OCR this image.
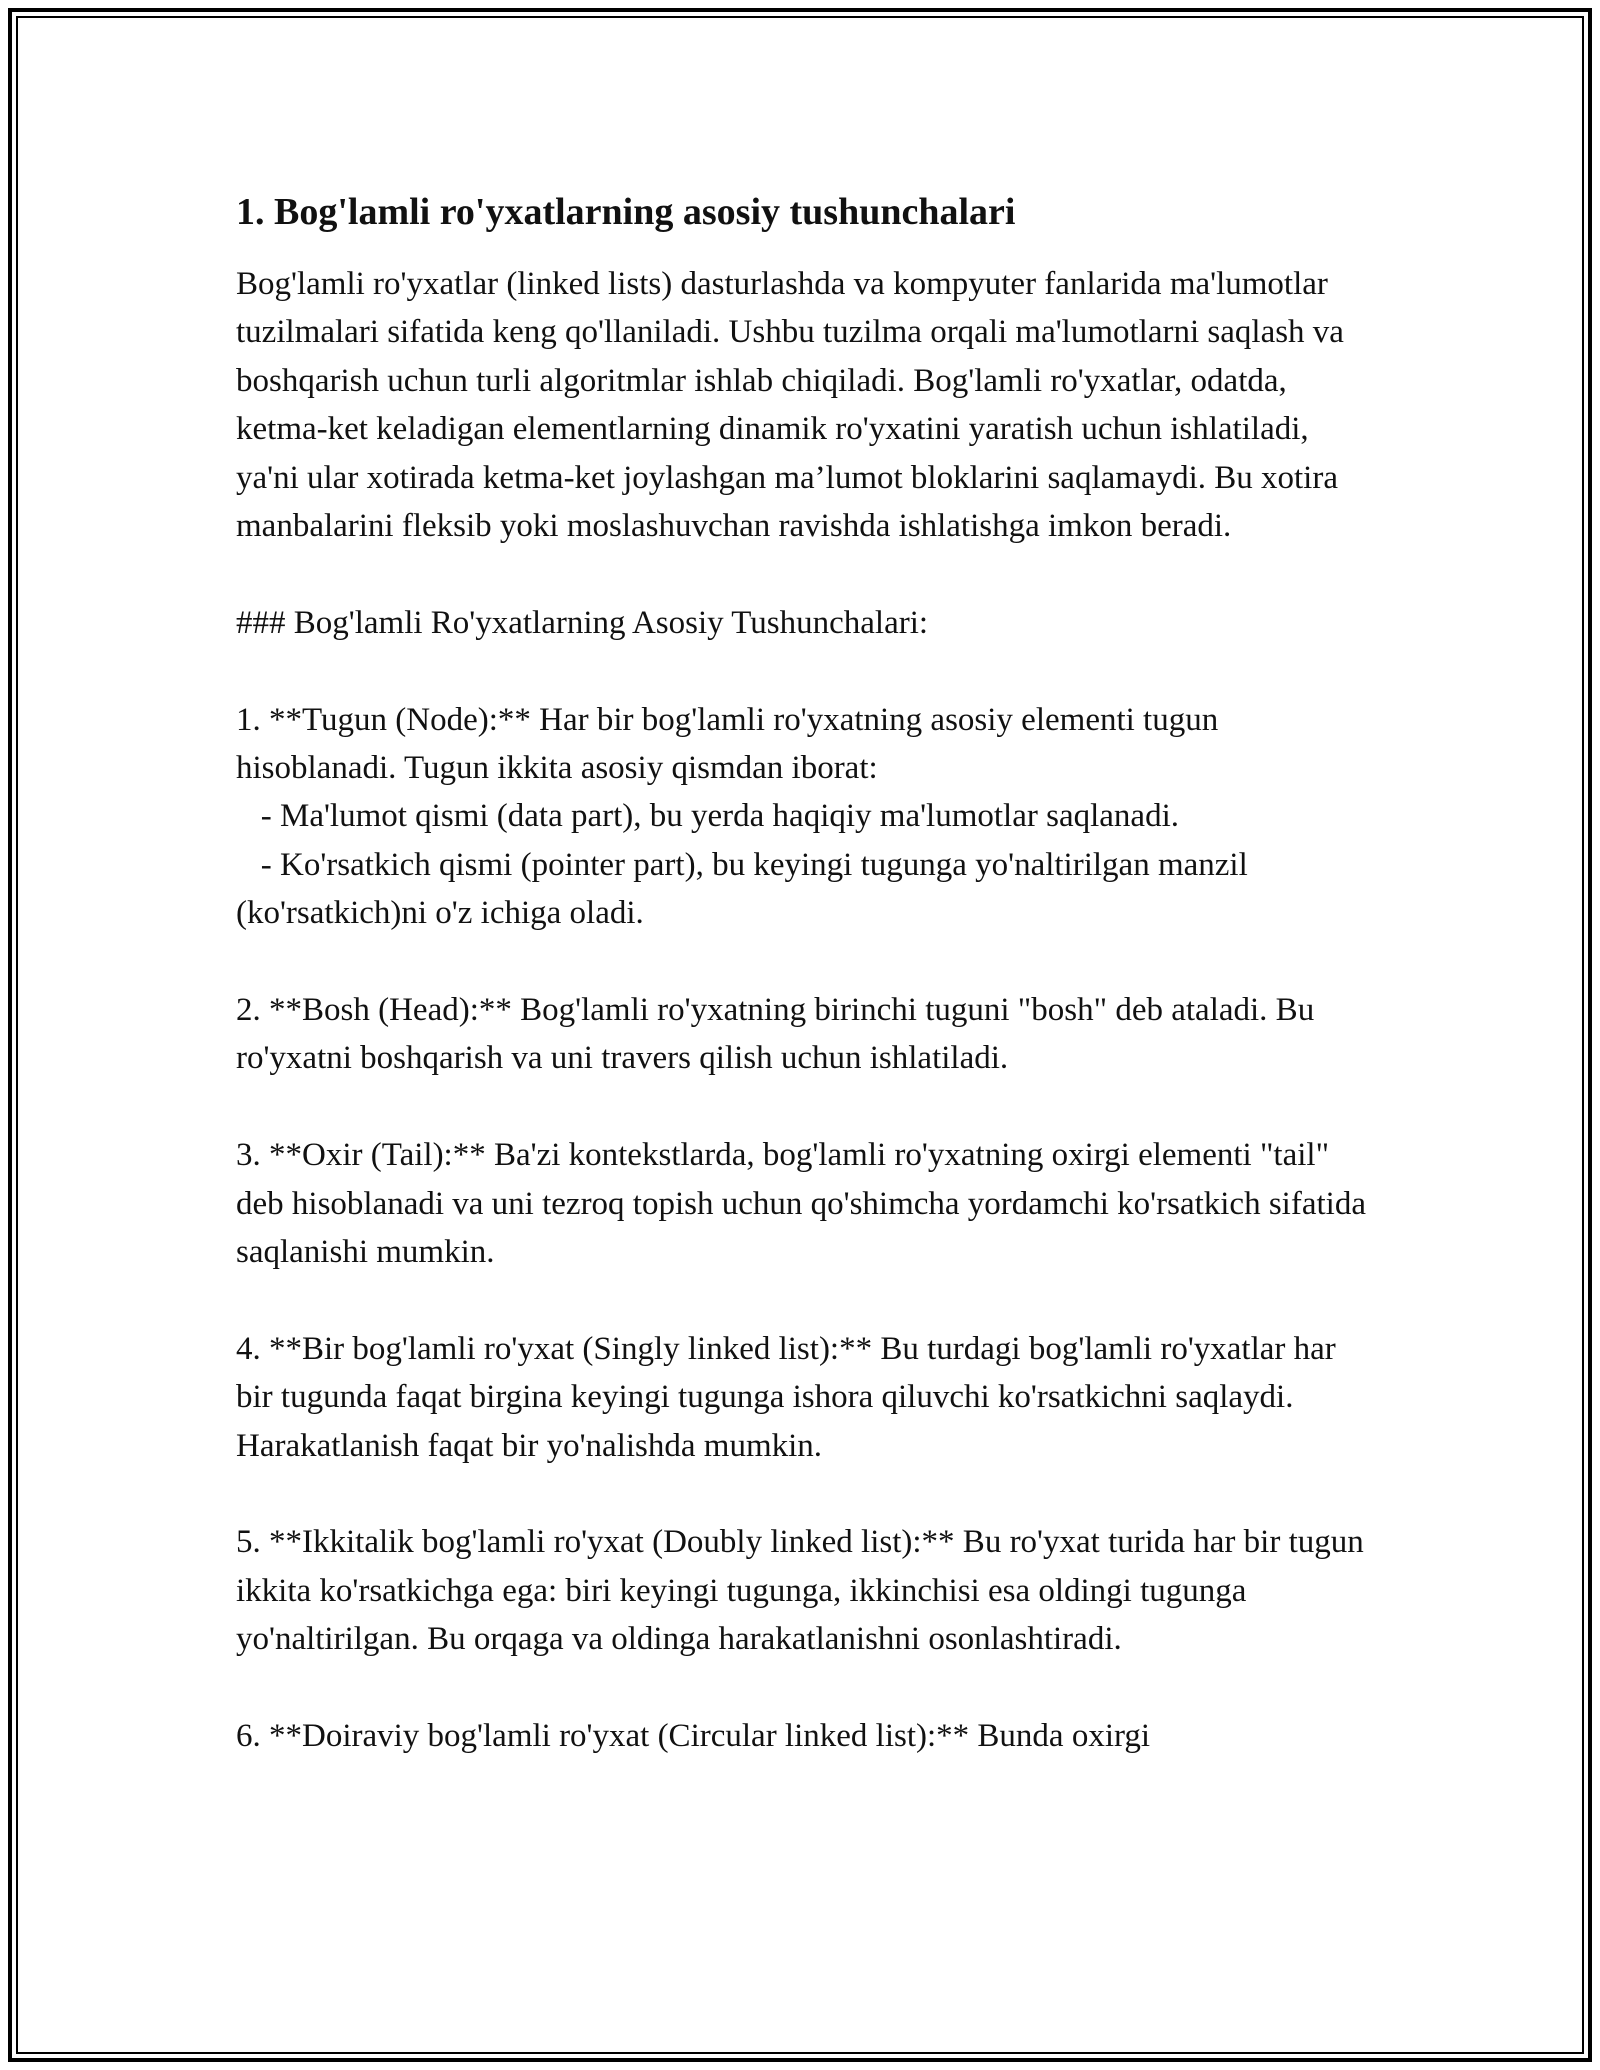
1. Bog'lamli ro'yxatlarning asosiy tushunchalari

Bog'lamli ro'yxatlar (linked lists) dasturlashda va kompyuter fanlarida ma'lumotlar tuzilmalari sifatida keng qo'llaniladi. Ushbu tuzilma orqali ma'lumotlarni saqlash va boshqarish uchun turli algoritmlar ishlab chiqiladi. Bog'lamli ro'yxatlar, odatda, ketma-ket keladigan elementlarning dinamik ro'yxatini yaratish uchun ishlatiladi, ya'ni ular xotirada ketma-ket joylashgan ma’lumot bloklarini saqlamaydi. Bu xotira manbalarini fleksib yoki moslashuvchan ravishda ishlatishga imkon beradi.

### Bog'lamli Ro'yxatlarning Asosiy Tushunchalari:

1. **Tugun (Node):** Har bir bog'lamli ro'yxatning asosiy elementi tugun hisoblanadi. Tugun ikkita asosiy qismdan iborat:

- Ma'lumot qismi (data part), bu yerda haqiqiy ma'lumotlar saqlanadi.

- Ko'rsatkich qismi (pointer part), bu keyingi tugunga yo'naltirilgan manzil (ko'rsatkich)ni o'z ichiga oladi.

2. **Bosh (Head):** Bog'lamli ro'yxatning birinchi tuguni "bosh" deb ataladi. Bu ro'yxatni boshqarish va uni travers qilish uchun ishlatiladi.

3. **Oxir (Tail):** Ba'zi kontekstlarda, bog'lamli ro'yxatning oxirgi elementi "tail" deb hisoblanadi va uni tezroq topish uchun qo'shimcha yordamchi ko'rsatkich sifatida saqlanishi mumkin.

4. **Bir bog'lamli ro'yxat (Singly linked list):** Bu turdagi bog'lamli ro'yxatlar har bir tugunda faqat birgina keyingi tugunga ishora qiluvchi ko'rsatkichni saqlaydi. Harakatlanish faqat bir yo'nalishda mumkin.

5. **Ikkitalik bog'lamli ro'yxat (Doubly linked list):** Bu ro'yxat turida har bir tugun ikkita ko'rsatkichga ega: biri keyingi tugunga, ikkinchisi esa oldingi tugunga yo'naltirilgan. Bu orqaga va oldinga harakatlanishni osonlashtiradi.

6. **Doiraviy bog'lamli ro'yxat (Circular linked list):** Bunda oxirgi
